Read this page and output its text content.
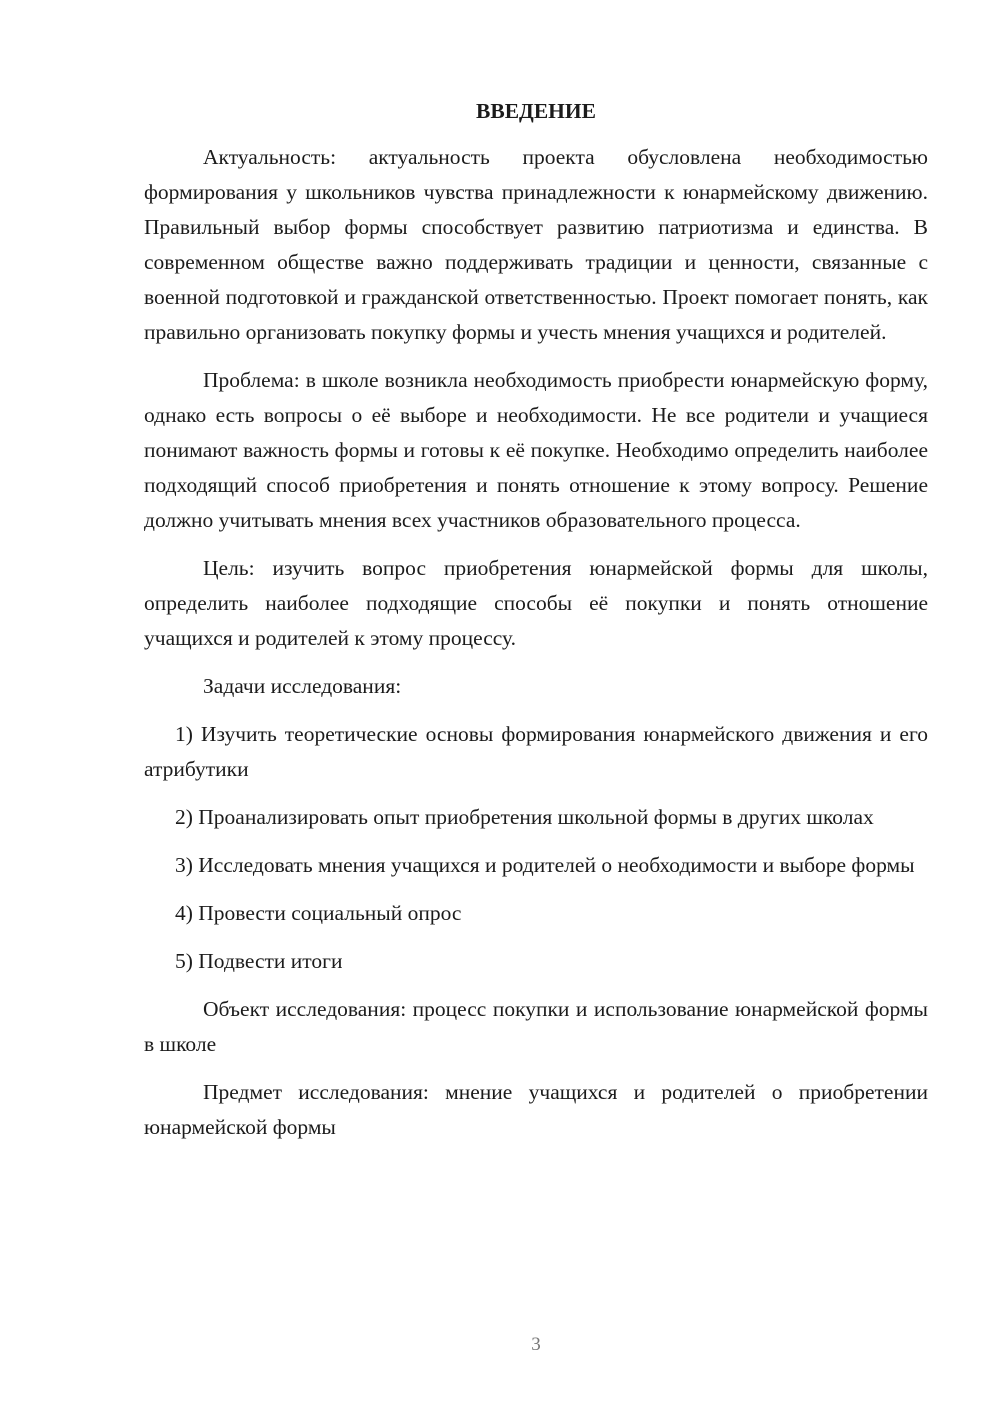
ВВЕДЕНИЕ

Актуальность: актуальность проекта обусловлена необходимостью формирования у школьников чувства принадлежности к юнармейскому движению. Правильный выбор формы способствует развитию патриотизма и единства. В современном обществе важно поддерживать традиции и ценности, связанные с военной подготовкой и гражданской ответственностью. Проект помогает понять, как правильно организовать покупку формы и учесть мнения учащихся и родителей.

Проблема: в школе возникла необходимость приобрести юнармейскую форму, однако есть вопросы о её выборе и необходимости. Не все родители и учащиеся понимают важность формы и готовы к её покупке. Необходимо определить наиболее подходящий способ приобретения и понять отношение к этому вопросу. Решение должно учитывать мнения всех участников образовательного процесса.

Цель: изучить вопрос приобретения юнармейской формы для школы, определить наиболее подходящие способы её покупки и понять отношение учащихся и родителей к этому процессу.

Задачи исследования:

1) Изучить теоретические основы формирования юнармейского движения и его атрибутики

2) Проанализировать опыт приобретения школьной формы в других школах

3) Исследовать мнения учащихся и родителей о необходимости и выборе формы

4) Провести социальный опрос

5) Подвести итоги

Объект исследования: процесс покупки и использование юнармейской формы в школе

Предмет исследования: мнение учащихся и родителей о приобретении юнармейской формы

3
